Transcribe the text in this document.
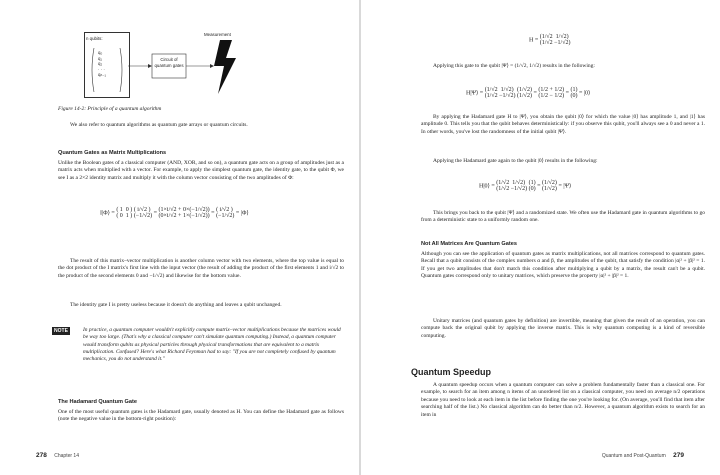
n qubits:
q₀
q₁
q₂
· · ·
qₙ₋₁
Circuit of quantum gates
Measurement

Figure 14-2: Principle of a quantum algorithm

We also refer to quantum algorithms as quantum gate arrays or quantum circuits.

Quantum Gates as Matrix Multiplications

Unlike the Boolean gates of a classical computer (AND, XOR, and so on), a quantum gate acts on a group of amplitudes just as a matrix acts when multiplied with a vector. For example, to apply the simplest quantum gate, the identity gate, to the qubit Φ, we see I as a 2×2 identity matrix and multiply it with the column vector consisting of the two amplitudes of Φ:

I|Φ⟩ = ( 1  0 )
( 0  1 ) ( i/√2 )
(−1/√2) = (1×i/√2 + 0×(−1/√2))
(0×i/√2 + 1×(−1/√2)) = ( i/√2 )
(−1/√2) = |Φ⟩

The result of this matrix–vector multiplication is another column vector with two elements, where the top value is equal to the dot product of the I matrix's first line with the input vector (the result of adding the product of the first elements 1 and i/√2 to the product of the second elements 0 and −1/√2) and likewise for the bottom value.

The identity gate I is pretty useless because it doesn't do anything and leaves a qubit unchanged.

NOTE	In practice, a quantum computer wouldn't explicitly compute matrix–vector multiplications because the matrices would be way too large. (That's why a classical computer can't simulate quantum computing.) Instead, a quantum computer would transform qubits as physical particles through physical transformations that are equivalent to a matrix multiplication. Confused? Here's what Richard Feynman had to say: "If you are not completely confused by quantum mechanics, you do not understand it."

The Hadamard Quantum Gate

One of the most useful quantum gates is the Hadamard gate, usually denoted as H. You can define the Hadamard gate as follows (note the negative value in the bottom-right position):

278 Chapter 14
H = (1/√2  1/√2)
(1/√2 −1/√2)

Applying this gate to the qubit |Ψ⟩ = (1/√2, 1/√2) results in the following:

H|Ψ⟩ = (1/√2  1/√2)
(1/√2 −1/√2) (1/√2)
(1/√2) = (1/2 + 1/2)
(1/2 − 1/2) = (1)
(0) = |0⟩

By applying the Hadamard gate H to |Ψ⟩, you obtain the qubit |0⟩ for which the value |0⟩ has amplitude 1, and |1⟩ has amplitude 0. This tells you that the qubit behaves deterministically: if you observe this qubit, you'll always see a 0 and never a 1. In other words, you've lost the randomness of the initial qubit |Ψ⟩.

Applying the Hadamard gate again to the qubit |0⟩ results in the following:

H|0⟩ = (1/√2  1/√2)
(1/√2 −1/√2) (1)
(0) = (1/√2)
(1/√2) = |Ψ⟩

This brings you back to the qubit |Ψ⟩ and a randomized state. We often use the Hadamard gate in quantum algorithms to go from a deterministic state to a uniformly random one.

Not All Matrices Are Quantum Gates

Although you can see the application of quantum gates as matrix multiplications, not all matrices correspond to quantum gates. Recall that a qubit consists of the complex numbers α and β, the amplitudes of the qubit, that satisfy the condition |α|² + |β|² = 1. If you get two amplitudes that don't match this condition after multiplying a qubit by a matrix, the result can't be a qubit. Quantum gates correspond only to unitary matrices, which preserve the property |α|² + |β|² = 1.

Unitary matrices (and quantum gates by definition) are invertible, meaning that given the result of an operation, you can compute back the original qubit by applying the inverse matrix. This is why quantum computing is a kind of reversible computing.

Quantum Speedup

A quantum speedup occurs when a quantum computer can solve a problem fundamentally faster than a classical one. For example, to search for an item among n items of an unordered list on a classical computer, you need on average n/2 operations because you need to look at each item in the list before finding the one you're looking for. (On average, you'll find that item after searching half of the list.) No classical algorithm can do better than n/2. However, a quantum algorithm exists to search for an item in

Quantum and Post-Quantum 279
